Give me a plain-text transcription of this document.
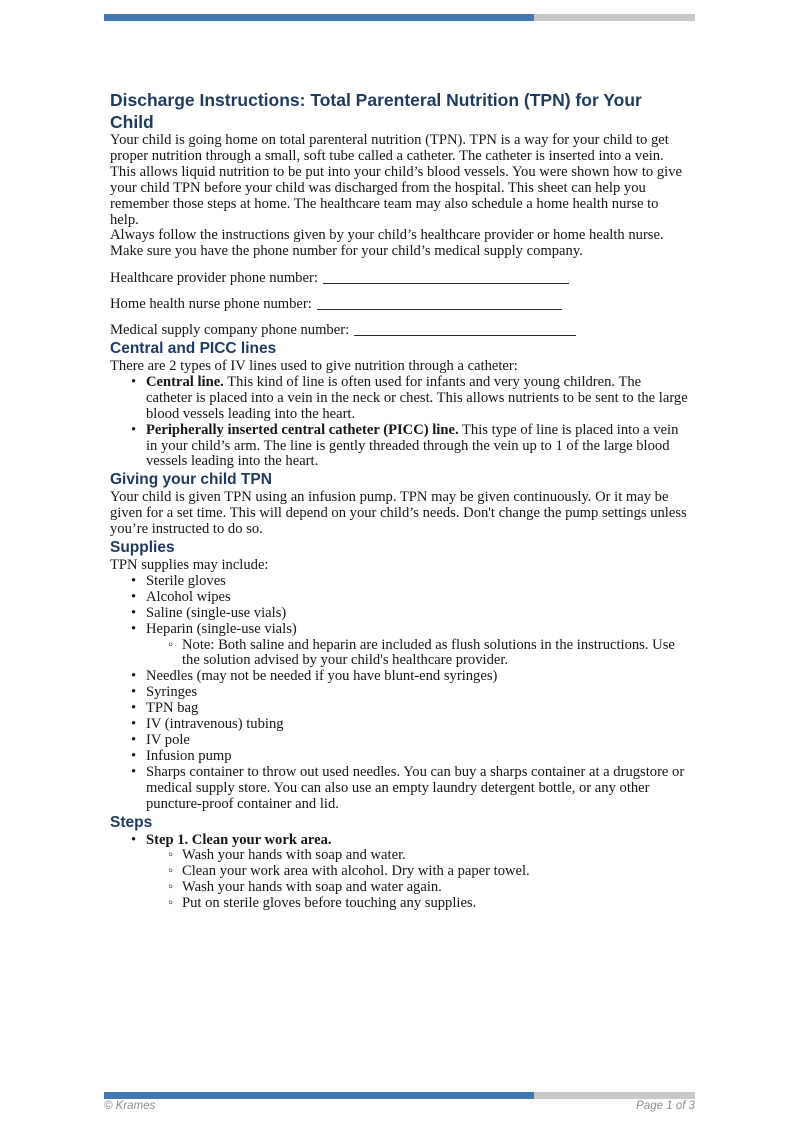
Discharge Instructions: Total Parenteral Nutrition (TPN) for Your Child

Your child is going home on total parenteral nutrition (TPN). TPN is a way for your child to get proper nutrition through a small, soft tube called a catheter. The catheter is inserted into a vein. This allows liquid nutrition to be put into your child’s blood vessels. You were shown how to give your child TPN before your child was discharged from the hospital. This sheet can help you remember those steps at home. The healthcare team may also schedule a home health nurse to help.

Always follow the instructions given by your child’s healthcare provider or home health nurse. Make sure you have the phone number for your child’s medical supply company.

Healthcare provider phone number:
Home health nurse phone number:
Medical supply company phone number:
Central and PICC lines

There are 2 types of IV lines used to give nutrition through a catheter:

• Central line. This kind of line is often used for infants and very young children. The catheter is placed into a vein in the neck or chest. This allows nutrients to be sent to the large blood vessels leading into the heart.
• Peripherally inserted central catheter (PICC) line. This type of line is placed into a vein in your child’s arm. The line is gently threaded through the vein up to 1 of the large blood vessels leading into the heart.
Giving your child TPN

Your child is given TPN using an infusion pump. TPN may be given continuously. Or it may be given for a set time. This will depend on your child’s needs. Don't change the pump settings unless you’re instructed to do so.

Supplies

TPN supplies may include:

• Sterile gloves
• Alcohol wipes
• Saline (single-use vials)
• Heparin (single-use vials)
◦ Note: Both saline and heparin are included as flush solutions in the instructions. Use the solution advised by your child's healthcare provider.
• Needles (may not be needed if you have blunt-end syringes)
• Syringes
• TPN bag
• IV (intravenous) tubing
• IV pole
• Infusion pump
• Sharps container to throw out used needles. You can buy a sharps container at a drugstore or medical supply store. You can also use an empty laundry detergent bottle, or any other puncture-proof container and lid.
Steps
• Step 1. Clean your work area.
◦ Wash your hands with soap and water.
◦ Clean your work area with alcohol. Dry with a paper towel.
◦ Wash your hands with soap and water again.
◦ Put on sterile gloves before touching any supplies.
© Krames	Page 1 of 3
